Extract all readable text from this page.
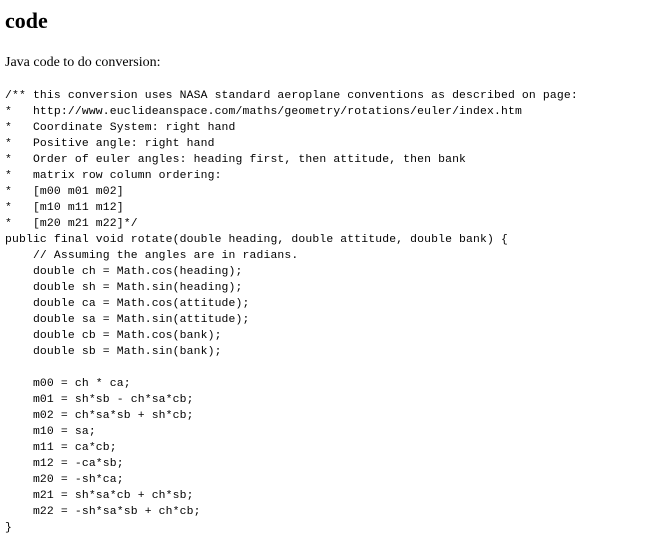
code

Java code to do conversion:

/** this conversion uses NASA standard aeroplane conventions as described on page:
*   http://www.euclideanspace.com/maths/geometry/rotations/euler/index.htm
*   Coordinate System: right hand
*   Positive angle: right hand
*   Order of euler angles: heading first, then attitude, then bank
*   matrix row column ordering:
*   [m00 m01 m02]
*   [m10 m11 m12]
*   [m20 m21 m22]*/
public final void rotate(double heading, double attitude, double bank) {
// Assuming the angles are in radians.
double ch = Math.cos(heading);
double sh = Math.sin(heading);
double ca = Math.cos(attitude);
double sa = Math.sin(attitude);
double cb = Math.cos(bank);
double sb = Math.sin(bank);
m00 = ch * ca;
m01 = sh*sb - ch*sa*cb;
m02 = ch*sa*sb + sh*cb;
m10 = sa;
m11 = ca*cb;
m12 = -ca*sb;
m20 = -sh*ca;
m21 = sh*sa*cb + ch*sb;
m22 = -sh*sa*sb + ch*cb;
}
